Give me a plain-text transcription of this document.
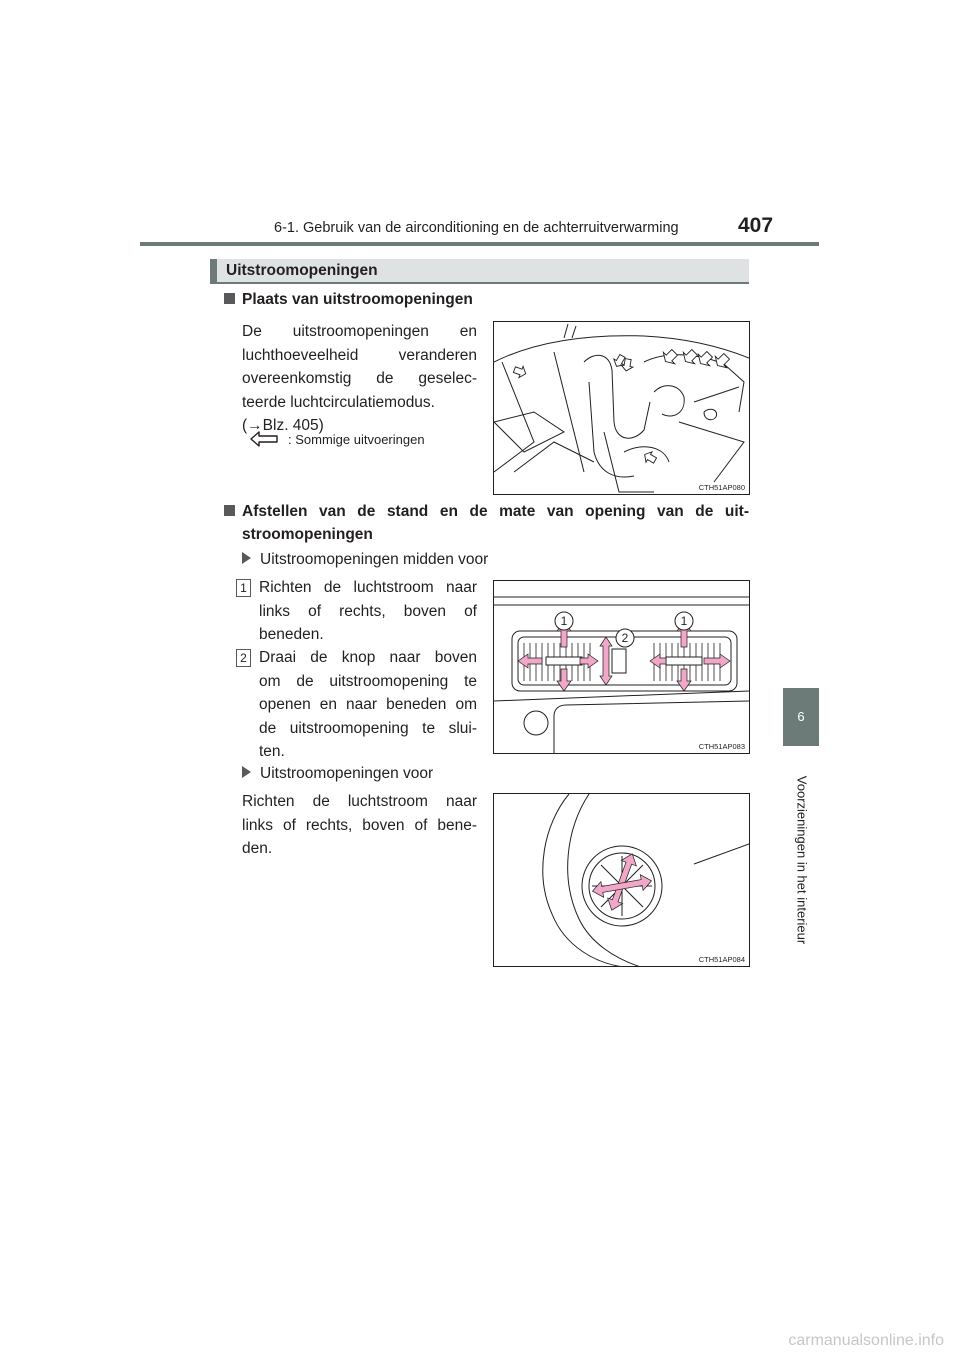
6-1. Gebruik van de airconditioning en de achterruitverwarming	407
6
Voorzieningen in het interieur
Uitstroomopeningen
Plaats van uitstroomopeningen
De uitstroomopeningen en
luchthoeveelheid veranderen
overeenkomstig de geselec-
teerde luchtcirculatiemodus.
(→Blz. 405)
: Sommige uitvoeringen
CTH51AP080
Afstellen van de stand en de mate van opening van de uit-
stroomopeningen
Uitstroomopeningen midden voor
1 Richten de luchtstroom naar
links of rechts, boven of
beneden.
2 Draai de knop naar boven
om de uitstroomopening te
openen en naar beneden om
de uitstroomopening te slui-
ten.
1	1
2
CTH51AP083
Uitstroomopeningen voor
Richten de luchtstroom naar
links of rechts, boven of bene-
den.
CTH51AP084
carmanualsonline.info
